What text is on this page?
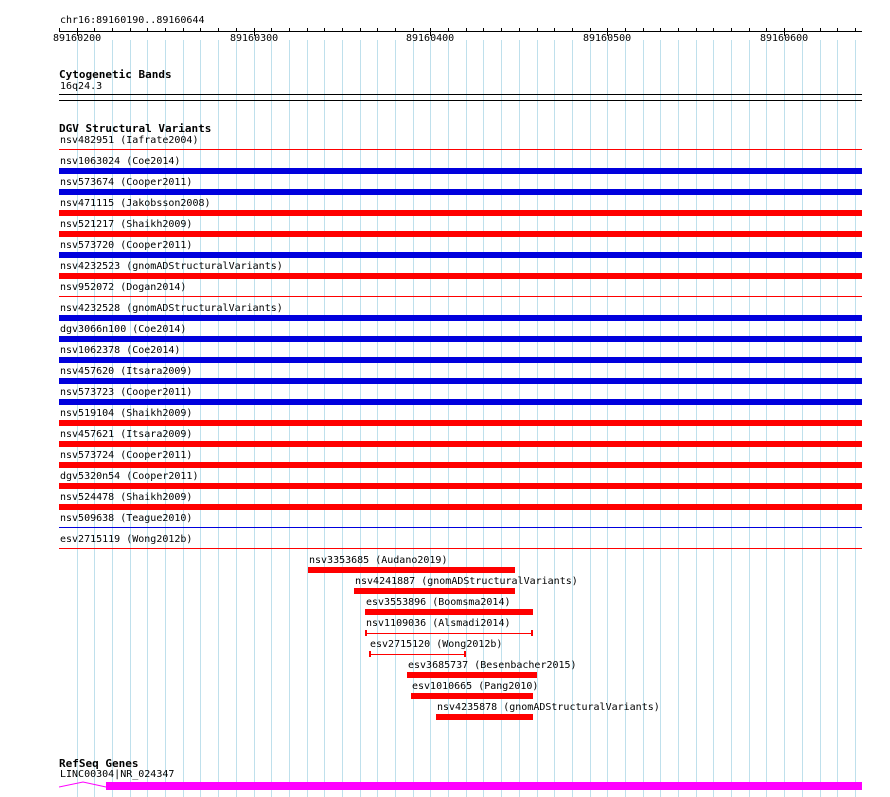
chr16:89160190..89160644
89160200	89160300	89160400	89160500	89160600
Cytogenetic Bands
16q24.3
DGV Structural Variants
nsv482951 (Iafrate2004)
nsv1063024 (Coe2014)
nsv573674 (Cooper2011)
nsv471115 (Jakobsson2008)
nsv521217 (Shaikh2009)
nsv573720 (Cooper2011)
nsv4232523 (gnomADStructuralVariants)
nsv952072 (Dogan2014)
nsv4232528 (gnomADStructuralVariants)
dgv3066n100 (Coe2014)
nsv1062378 (Coe2014)
nsv457620 (Itsara2009)
nsv573723 (Cooper2011)
nsv519104 (Shaikh2009)
nsv457621 (Itsara2009)
nsv573724 (Cooper2011)
dgv5320n54 (Cooper2011)
nsv524478 (Shaikh2009)
nsv509638 (Teague2010)
esv2715119 (Wong2012b)
nsv3353685 (Audano2019)
nsv4241887 (gnomADStructuralVariants)
esv3553896 (Boomsma2014)
nsv1109036 (Alsmadi2014)
esv2715120 (Wong2012b)
esv3685737 (Besenbacher2015)
esv1010665 (Pang2010)
nsv4235878 (gnomADStructuralVariants)
RefSeq Genes
LINC00304|NR_024347
